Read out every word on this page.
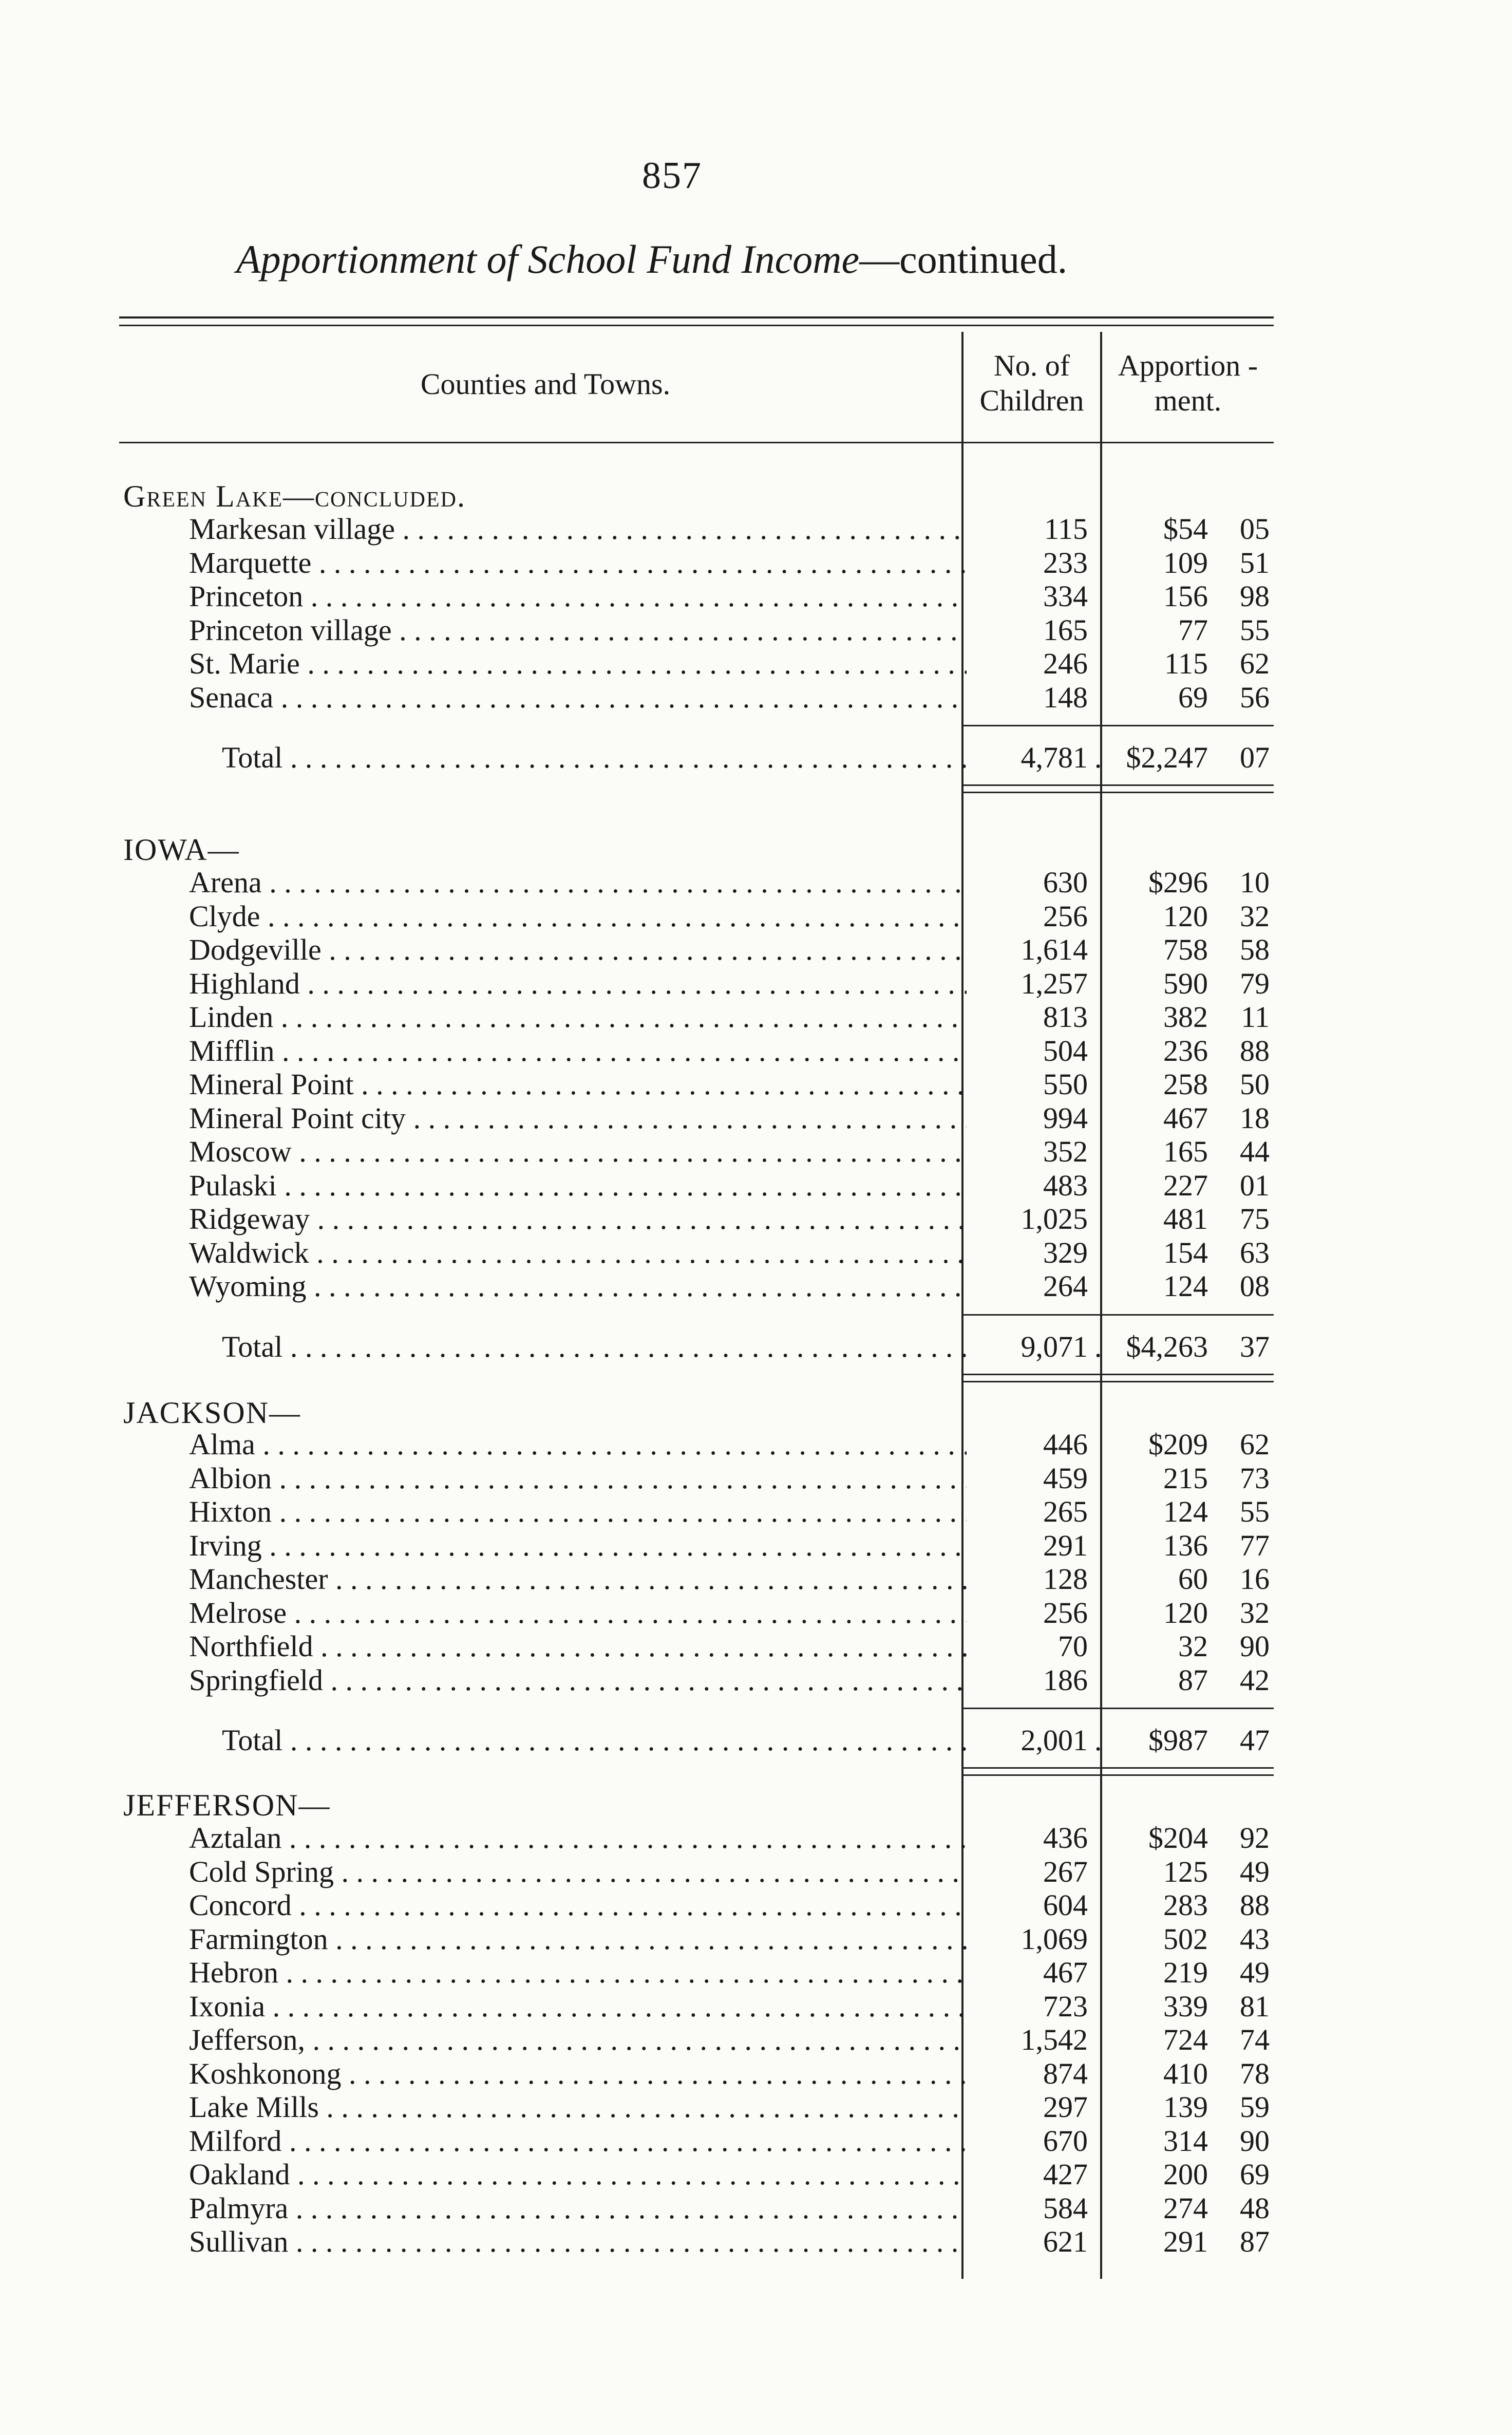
857
Apportionment of School Fund Income—continued.
Counties and Towns.
No. of
Children
Apportion -
ment.
Green Lake—concluded.
Markesan village . . .	115	$54	05
Marquette . . .	233	109	51
Princeton . . .	334	156	98
Princeton village . . .	165	77	55
St. Marie . . .	246	115	62
Senaca . . .	148	69	56
Total . . .	4,781	$2,247	07
IOWA—
Arena . . .	630	$296	10
Clyde . . .	256	120	32
Dodgeville . . .	1,614	758	58
Highland . . .	1,257	590	79
Linden . . .	813	382	11
Mifflin . . .	504	236	88
Mineral Point . . .	550	258	50
Mineral Point city . . .	994	467	18
Moscow . . .	352	165	44
Pulaski . . .	483	227	01
Ridgeway . . .	1,025	481	75
Waldwick . . .	329	154	63
Wyoming . . .	264	124	08
Total . . .	9,071	$4,263	37
JACKSON—
Alma . . .	446	$209	62
Albion . . .	459	215	73
Hixton . . .	265	124	55
Irving . . .	291	136	77
Manchester . . .	128	60	16
Melrose . . .	256	120	32
Northfield . . .	70	32	90
Springfield . . .	186	87	42
Total . . .	2,001	$987	47
JEFFERSON—
Aztalan . . .	436	$204	92
Cold Spring . . .	267	125	49
Concord . . .	604	283	88
Farmington . . .	1,069	502	43
Hebron . . .	467	219	49
Ixonia . . .	723	339	81
Jefferson, . . .	1,542	724	74
Koshkonong . . .	874	410	78
Lake Mills . . .	297	139	59
Milford . . .	670	314	90
Oakland . . .	427	200	69
Palmyra . . .	584	274	48
Sullivan . . .	621	291	87
